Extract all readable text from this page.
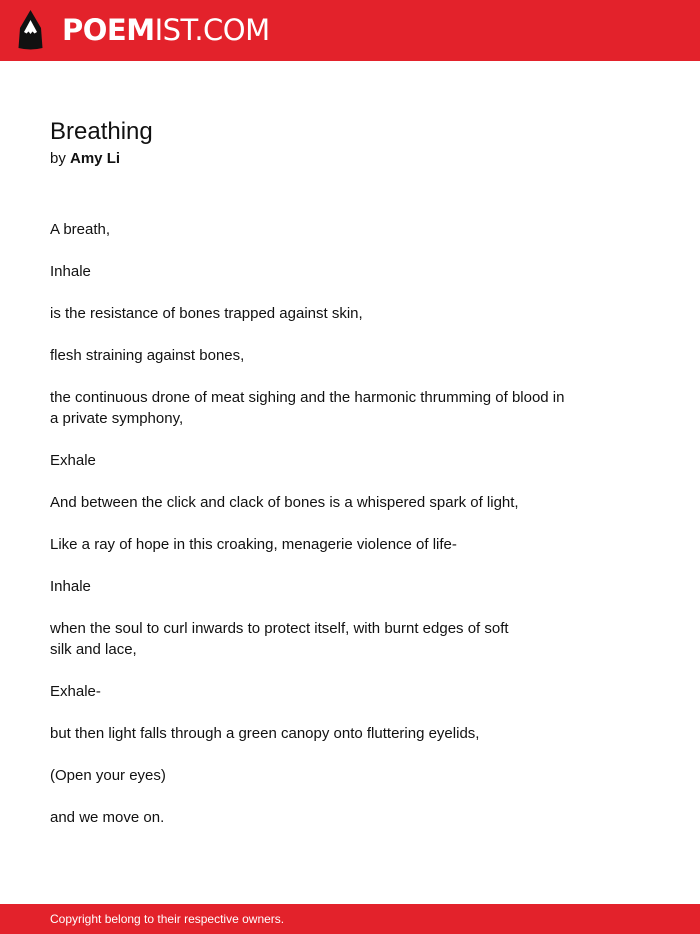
POEMIST.COM
Breathing
by Amy Li

A breath,

Inhale

is the resistance of bones trapped against skin,

flesh straining against bones,

the continuous drone of meat sighing and the harmonic thrumming of blood in
a private symphony,

Exhale

And between the click and clack of bones is a whispered spark of light,

Like a ray of hope in this croaking, menagerie violence of life-

Inhale

when the soul to curl inwards to protect itself, with burnt edges of soft
silk and lace,

Exhale-

but then light falls through a green canopy onto fluttering eyelids,

(Open your eyes)

and we move on.

Copyright belong to their respective owners.
